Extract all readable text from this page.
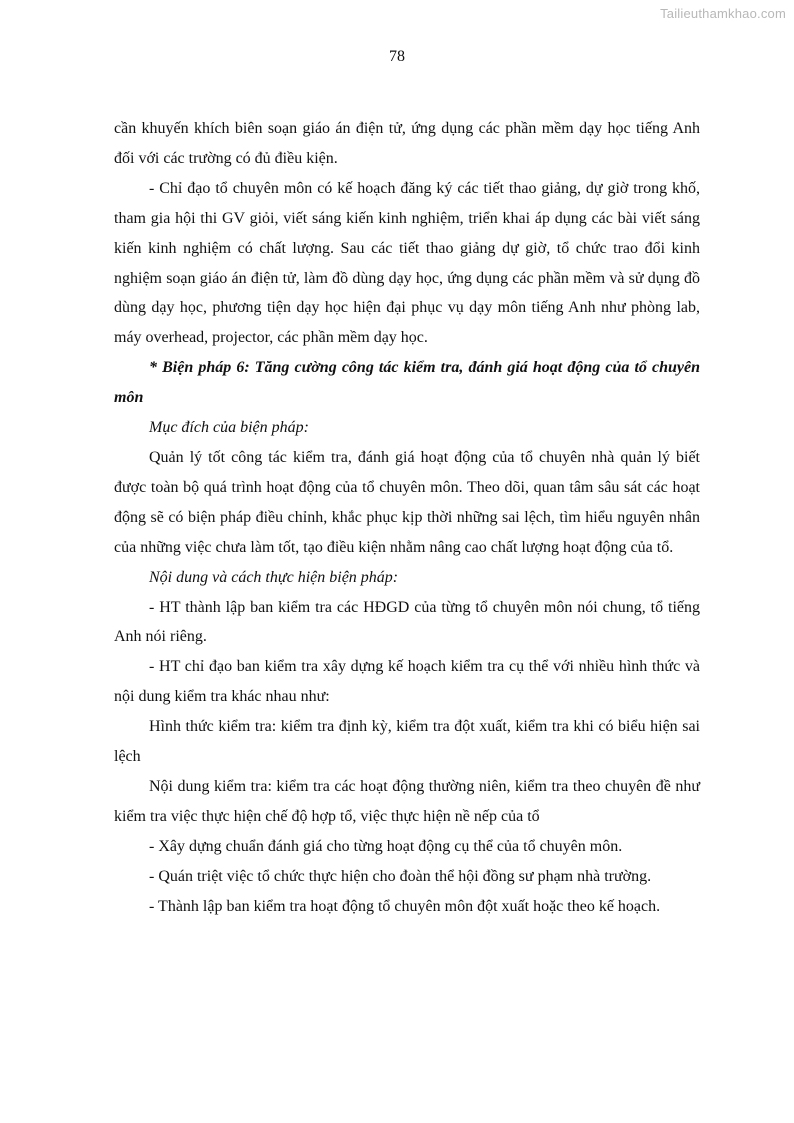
Tailieuthamkhao.com
78

cần khuyến khích biên soạn giáo án điện tử, ứng dụng các phần mềm dạy học tiếng Anh đối với các trường có đủ điều kiện.

- Chỉ đạo tổ chuyên môn có kế hoạch đăng ký các tiết thao giảng, dự giờ trong khố, tham gia hội thi GV giỏi, viết sáng kiến kinh nghiệm, triển khai áp dụng các bài viết sáng kiến kinh nghiệm có chất lượng. Sau các tiết thao giảng dự giờ, tổ chức trao đổi kinh nghiệm soạn giáo án điện tử, làm đồ dùng dạy học, ứng dụng các phần mềm và sử dụng đồ dùng dạy học, phương tiện dạy học hiện đại phục vụ dạy môn tiếng Anh như phòng lab, máy overhead, projector, các phần mềm dạy học.

* Biện pháp 6: Tăng cường công tác kiểm tra, đánh giá hoạt động của tổ chuyên môn

Mục đích của biện pháp:

Quản lý tốt công tác kiểm tra, đánh giá hoạt động của tổ chuyên nhà quản lý biết được toàn bộ quá trình hoạt động của tổ chuyên môn. Theo dõi, quan tâm sâu sát các hoạt động sẽ có biện pháp điều chỉnh, khắc phục kịp thời những sai lệch, tìm hiểu nguyên nhân của những việc chưa làm tốt, tạo điều kiện nhằm nâng cao chất lượng hoạt động của tổ.

Nội dung và cách thực hiện biện pháp:

- HT thành lập ban kiểm tra các HĐGD của từng tổ chuyên môn nói chung, tổ tiếng Anh nói riêng.

- HT chỉ đạo ban kiểm tra xây dựng kế hoạch kiểm tra cụ thể với nhiều hình thức và nội dung kiểm tra khác nhau như:

Hình thức kiểm tra: kiểm tra định kỳ, kiểm tra đột xuất, kiểm tra khi có biểu hiện sai lệch

Nội dung kiểm tra: kiểm tra các hoạt động thường niên, kiểm tra theo chuyên đề như kiểm tra việc thực hiện chế độ hợp tổ, việc thực hiện nề nếp của tổ

- Xây dựng chuẩn đánh giá cho từng hoạt động cụ thể của tổ chuyên môn.

- Quán triệt việc tổ chức thực hiện cho đoàn thể hội đồng sư phạm nhà trường.

- Thành lập ban kiểm tra hoạt động tổ chuyên môn đột xuất hoặc theo kế hoạch.
